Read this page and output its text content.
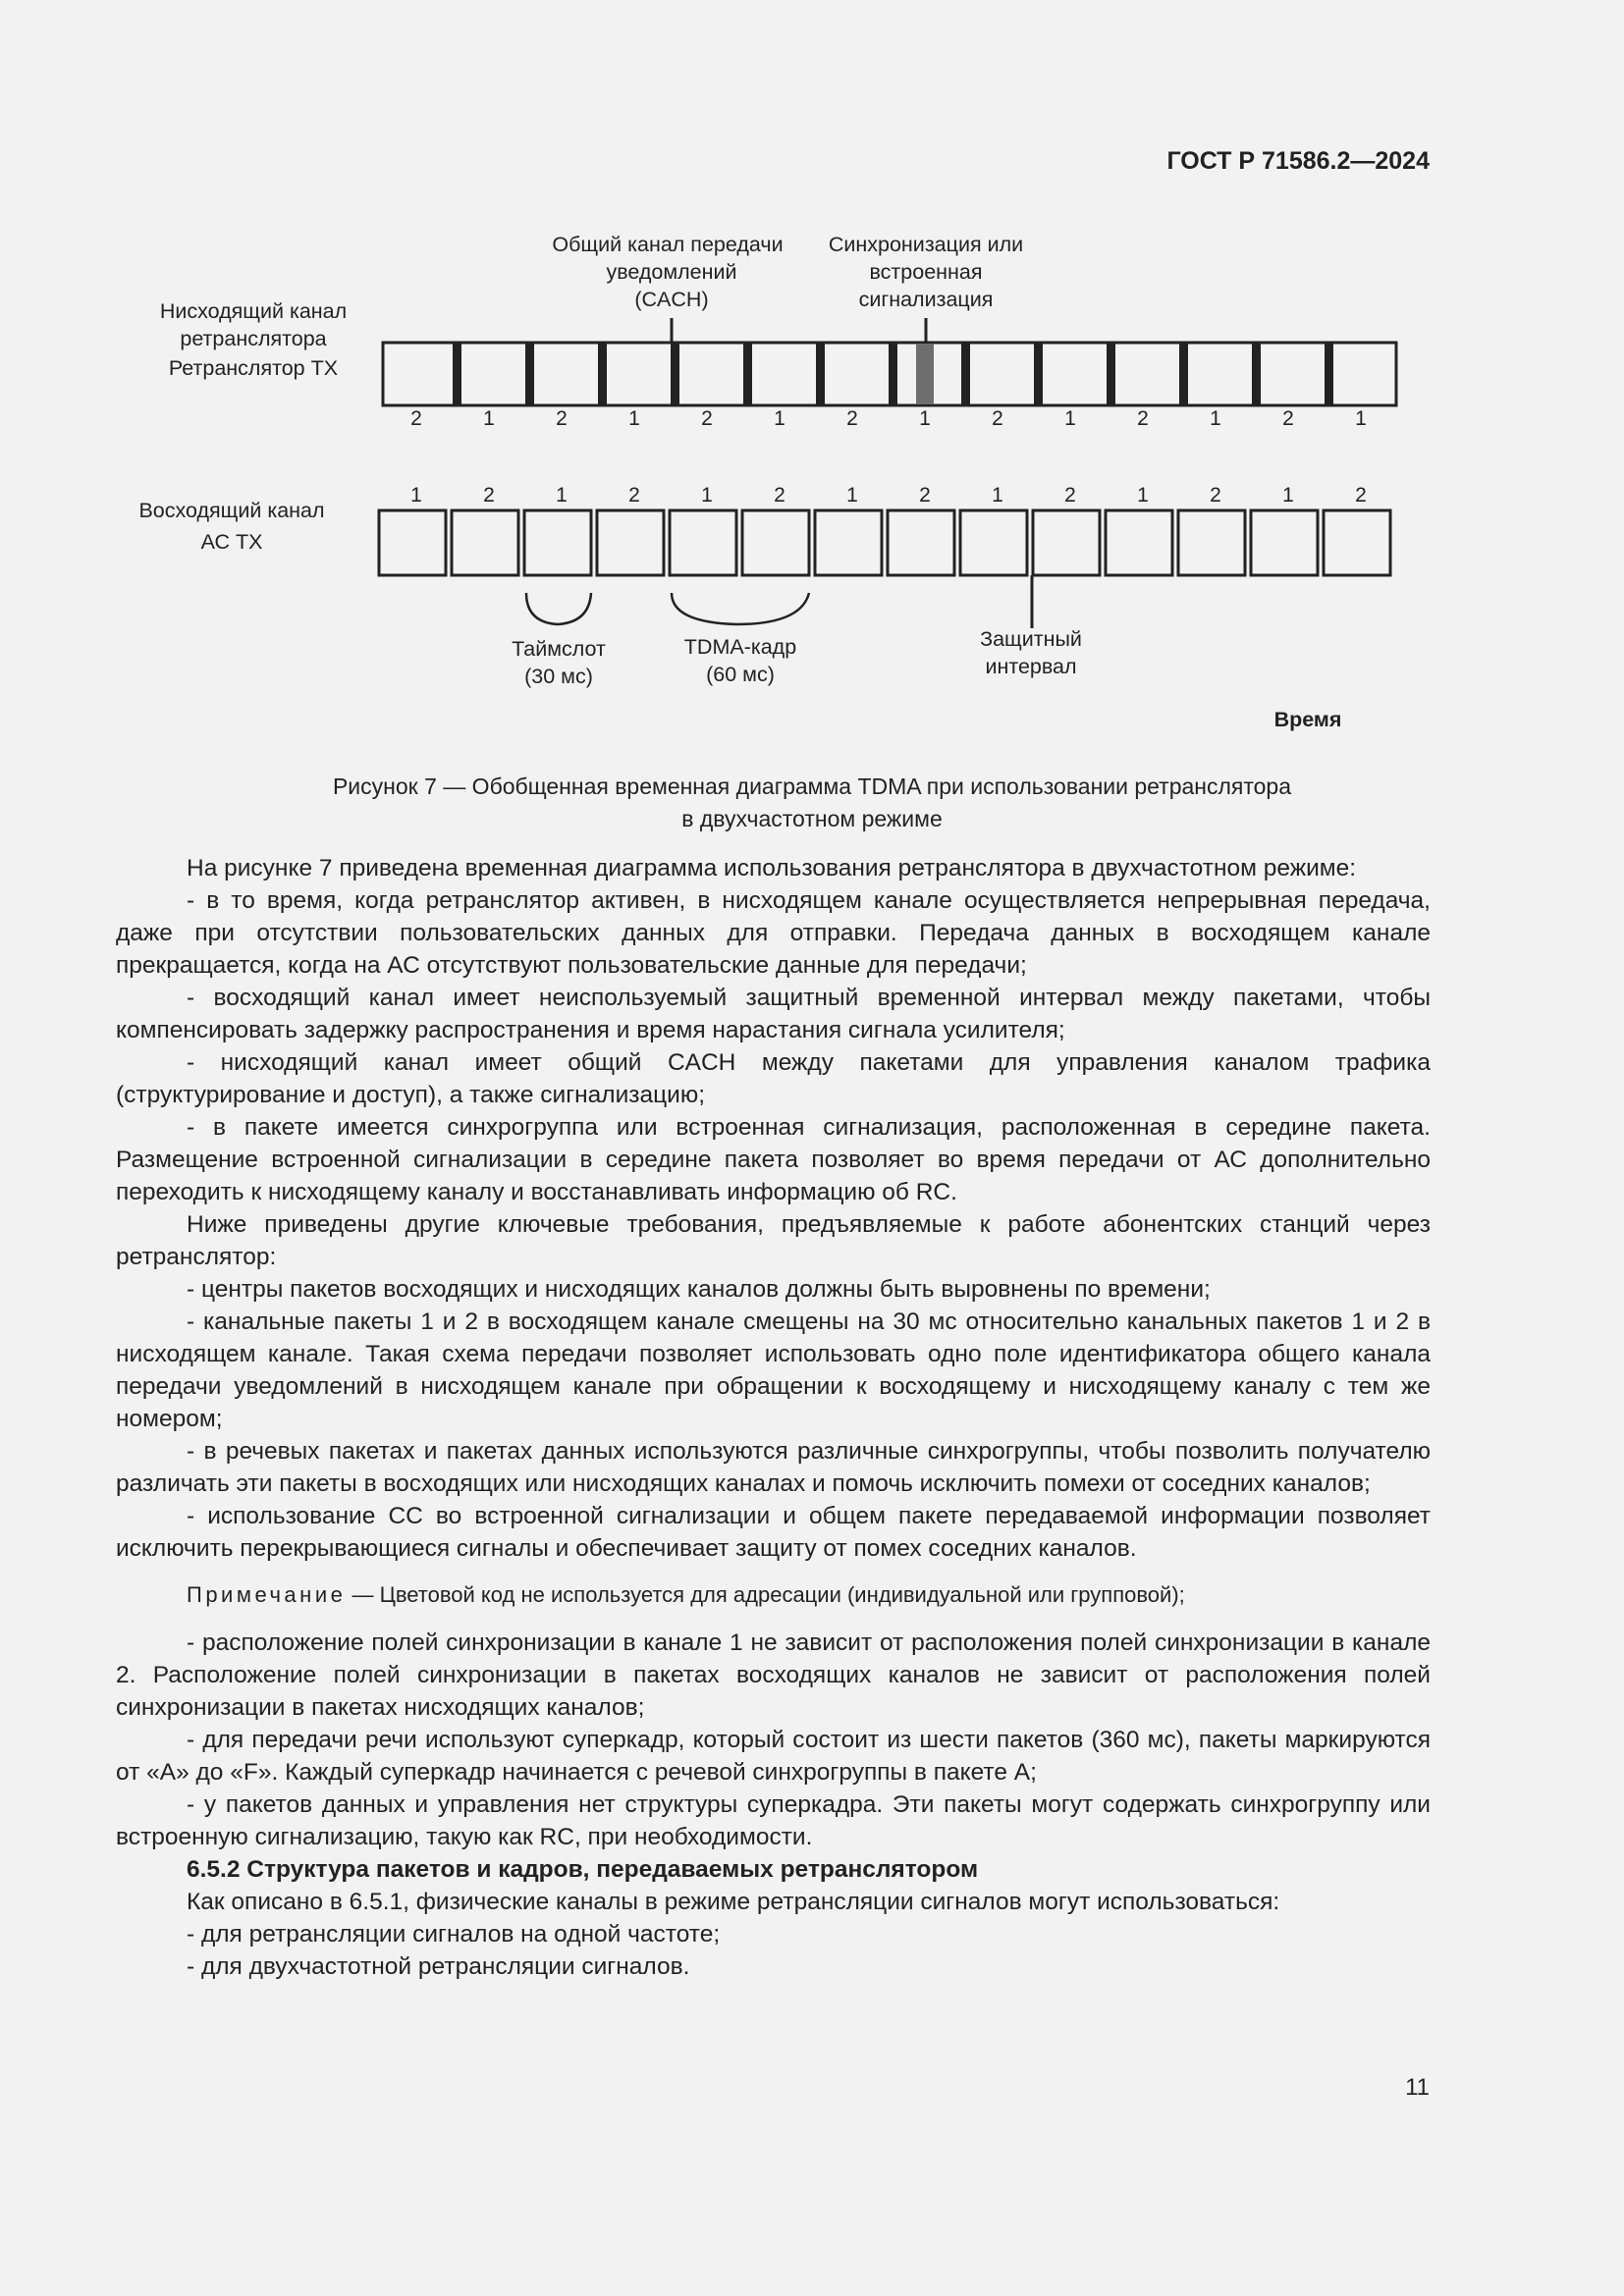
ГОСТ Р 71586.2—2024
Общий канал передачи
уведомлений
(CACH)
Синхронизация или
встроенная
сигнализация
Нисходящий канал
ретранслятора
Ретранслятор TX
Восходящий канал
АС TX
2	1	2	1	2	1	2	1	2	1	2	1	2	1
1	2	1	2	1	2	1	2	1	2	1	2	1	2
Таймслот
(30 мс)
TDMA-кадр
(60 мс)
Защитный
интервал
Время
Рисунок 7 — Обобщенная временная диаграмма TDMA при использовании ретранслятора
в двухчастотном режиме

На рисунке 7 приведена временная диаграмма использования ретранслятора в двухчастотном режиме:

- в то время, когда ретранслятор активен, в нисходящем канале осуществляется непрерывная передача, даже при отсутствии пользовательских данных для отправки. Передача данных в восходящем канале прекращается, когда на АС отсутствуют пользовательские данные для передачи;

- восходящий канал имеет неиспользуемый защитный временной интервал между пакетами, чтобы компенсировать задержку распространения и время нарастания сигнала усилителя;

- нисходящий канал имеет общий CACH между пакетами для управления каналом трафика (структурирование и доступ), а также сигнализацию;

- в пакете имеется синхрогруппа или встроенная сигнализация, расположенная в середине пакета. Размещение встроенной сигнализации в середине пакета позволяет во время передачи от АС дополнительно переходить к нисходящему каналу и восстанавливать информацию об RC.

Ниже приведены другие ключевые требования, предъявляемые к работе абонентских станций через ретранслятор:

- центры пакетов восходящих и нисходящих каналов должны быть выровнены по времени;

- канальные пакеты 1 и 2 в восходящем канале смещены на 30 мс относительно канальных пакетов 1 и 2 в нисходящем канале. Такая схема передачи позволяет использовать одно поле идентификатора общего канала передачи уведомлений в нисходящем канале при обращении к восходящему и нисходящему каналу с тем же номером;

- в речевых пакетах и пакетах данных используются различные синхрогруппы, чтобы позволить получателю различать эти пакеты в восходящих или нисходящих каналах и помочь исключить помехи от соседних каналов;

- использование CC во встроенной сигнализации и общем пакете передаваемой информации позволяет исключить перекрывающиеся сигналы и обеспечивает защиту от помех соседних каналов.

Примечание — Цветовой код не используется для адресации (индивидуальной или групповой);

- расположение полей синхронизации в канале 1 не зависит от расположения полей синхронизации в канале 2. Расположение полей синхронизации в пакетах восходящих каналов не зависит от расположения полей синхронизации в пакетах нисходящих каналов;

- для передачи речи используют суперкадр, который состоит из шести пакетов (360 мс), пакеты маркируются от «A» до «F». Каждый суперкадр начинается с речевой синхрогруппы в пакете A;

- у пакетов данных и управления нет структуры суперкадра. Эти пакеты могут содержать синхрогруппу или встроенную сигнализацию, такую как RC, при необходимости.

6.5.2 Структура пакетов и кадров, передаваемых ретранслятором

Как описано в 6.5.1, физические каналы в режиме ретрансляции сигналов могут использоваться:

- для ретрансляции сигналов на одной частоте;

- для двухчастотной ретрансляции сигналов.

11
